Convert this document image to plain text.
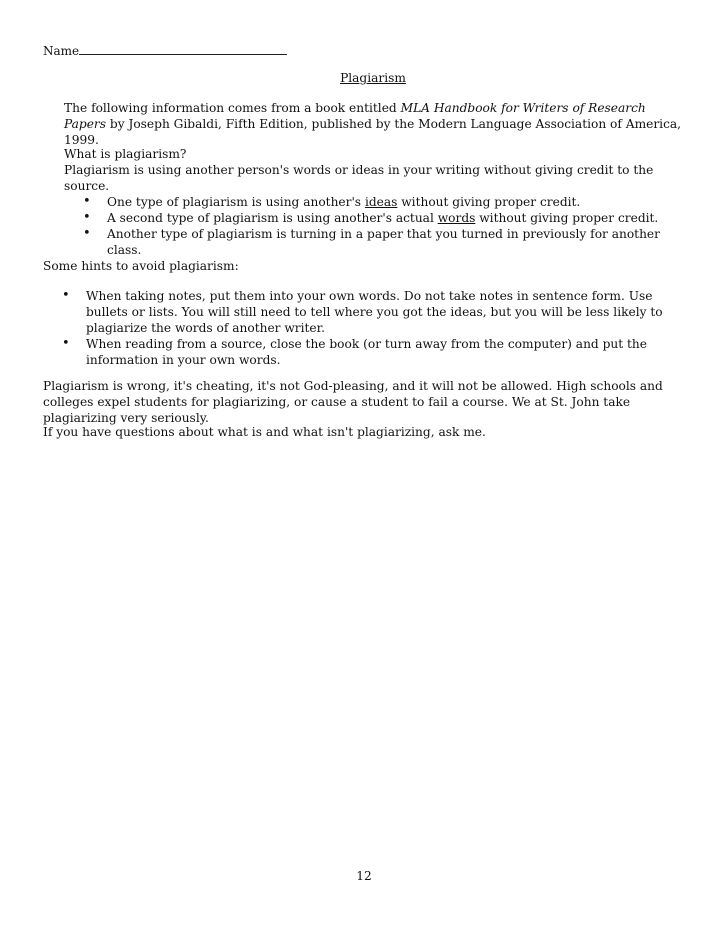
Name
Plagiarism
The following information comes from a book entitled MLA Handbook for Writers of Research Papers by Joseph Gibaldi, Fifth Edition, published by the Modern Language Association of America, 1999.

What is plagiarism?

Plagiarism is using another person's words or ideas in your writing without giving credit to the source.

• One type of plagiarism is using another's ideas without giving proper credit.
• A second type of plagiarism is using another's actual words without giving proper credit.
• Another type of plagiarism is turning in a paper that you turned in previously for another class.
Some hints to avoid plagiarism:
• When taking notes, put them into your own words. Do not take notes in sentence form. Use bullets or lists. You will still need to tell where you got the ideas, but you will be less likely to plagiarize the words of another writer.
• When reading from a source, close the book (or turn away from the computer) and put the information in your own words.

Plagiarism is wrong, it's cheating, it's not God-pleasing, and it will not be allowed. High schools and colleges expel students for plagiarizing, or cause a student to fail a course. We at St. John take plagiarizing very seriously.

If you have questions about what is and what isn't plagiarizing, ask me.

12
